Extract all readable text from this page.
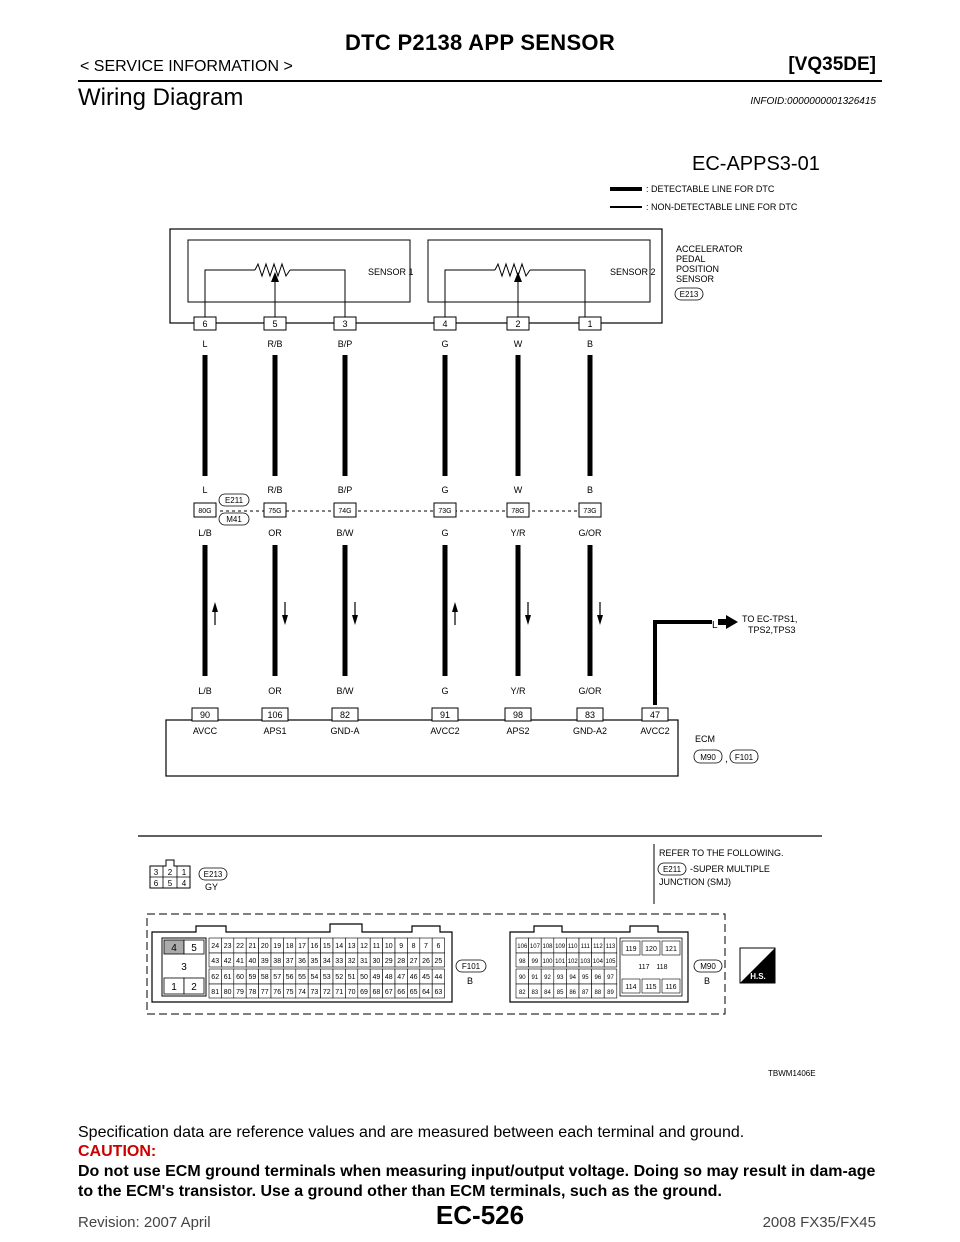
DTC P2138 APP SENSOR
< SERVICE INFORMATION >	[VQ35DE]
Wiring Diagram	INFOID:0000000001326415
EC-APPS3-01
: DETECTABLE LINE FOR DTC
: NON-DETECTABLE LINE FOR DTC
SENSOR 1	SENSOR 2
ACCELERATOR
PEDAL
POSITION
SENSOR
E213
E211
M41
L
TO EC-TPS1,
TPS2,TPS3
ECM
M90 , F101
REFER TO THE FOLLOWING.
E211 -SUPER MULTIPLE
JUNCTION (SMJ)
E213
GY
3 2 1
6 5 4
4 5
3
1 2
F101
B
M90
B	H.S.
TBWM1406E
6
L
L
80G
L/B
5
R/B
R/B
75G
OR
3
B/P
B/P
74G
B/W
4
G
G
73G
G
2
W
W
78G
Y/R
1
B
B
73G
G/OR
L/B
90
AVCC
OR
106
APS1
B/W
82
GND-A
G
91
AVCC2
Y/R
98
APS2
G/OR
83
GND-A2
L
47
AVCC2
24 23 22 21 20 19 18 17 16 15 14 13 12 11 10 9 8 7 6
43 42 41 40 39 38 37 36 35 34 33 32 31 30 29 28 27 26 25
62 61 60 59 58 57 56 55 54 53 52 51 50 49 48 47 46 45 44
81 80 79 78 77 76 75 74 73 72 71 70 69 68 67 66 65 64 63
106 107 108 109 110 111 112 113
98 99 100 101 102 103 104 105
90 91 92 93 94 95 96 97
82 83 84 85 86 87 88 89
119 120 121
117 118
114 115 116
Specification data are reference values and are measured between each terminal and ground.
CAUTION:
Do not use ECM ground terminals when measuring input/output voltage. Doing so may result in dam-age to the ECM's transistor. Use a ground other than ECM terminals, such as the ground.
Revision: 2007 April	EC-526	2008 FX35/FX45
